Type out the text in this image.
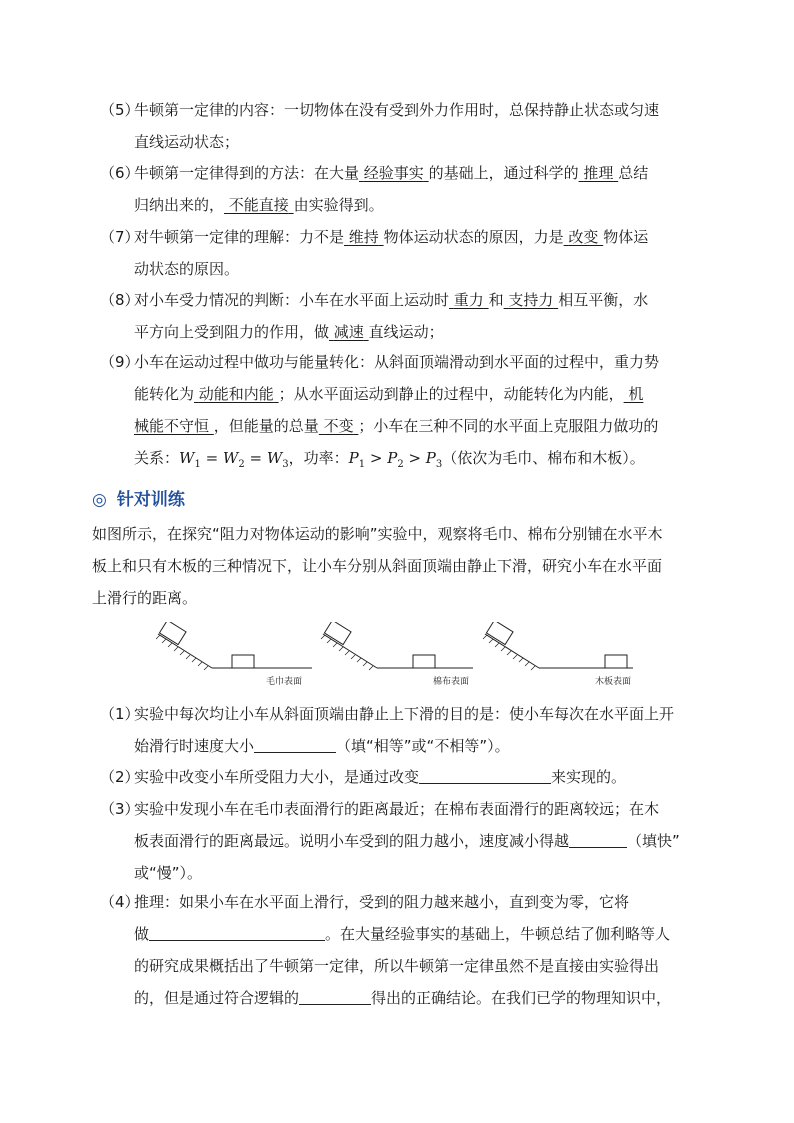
（5）
牛顿第一定律的内容：一切物体在没有受到外力作用时，总保持静止状态或匀速
直线运动状态；
（6）
牛顿第一定律得到的方法：在大量 经验事实 的基础上，通过科学的 推理 总结
归纳出来的， 不能直接 由实验得到。
（7）
对牛顿第一定律的理解：力不是 维持 物体运动状态的原因，力是 改变 物体运
动状态的原因。
（8）
对小车受力情况的判断：小车在水平面上运动时 重力 和 支持力 相互平衡，水
平方向上受到阻力的作用，做 减速 直线运动；
（9）
小车在运动过程中做功与能量转化：从斜面顶端滑动到水平面的过程中，重力势
能转化为 动能和内能 ；从水平面运动到静止的过程中，动能转化为内能， 机
械能不守恒 ，但能量的总量 不变 ；小车在三种不同的水平面上克服阻力做功的
关系：$W_1 = W_2 = W_3$，功率：$P_1 > P_2 > P_3$（依次为毛巾、棉布和木板）。
◎ 针对训练
如图所示，在探究“阻力对物体运动的影响”实验中，观察将毛巾、棉布分别铺在水平木
板上和只有木板的三种情况下，让小车分别从斜面顶端由静止下滑，研究小车在水平面
上滑行的距离。
毛巾表面	棉布表面	木板表面
（1）
实验中每次均让小车从斜面顶端由静止上下滑的目的是：使小车每次在水平面上开
始滑行时速度大小	（填“相等”或“不相等”）。
（2）
实验中改变小车所受阻力大小，是通过改变	来实现的。
（3）
实验中发现小车在毛巾表面滑行的距离最近；在棉布表面滑行的距离较远；在木
板表面滑行的距离最远。说明小车受到的阻力越小，速度减小得越	（填快”
或“慢”）。
（4）
推理：如果小车在水平面上滑行，受到的阻力越来越小，直到变为零，它将
做	。在大量经验事实的基础上，牛顿总结了伽利略等人
的研究成果概括出了牛顿第一定律，所以牛顿第一定律虽然不是直接由实验得出
的，但是通过符合逻辑的	得出的正确结论。在我们已学的物理知识中，
